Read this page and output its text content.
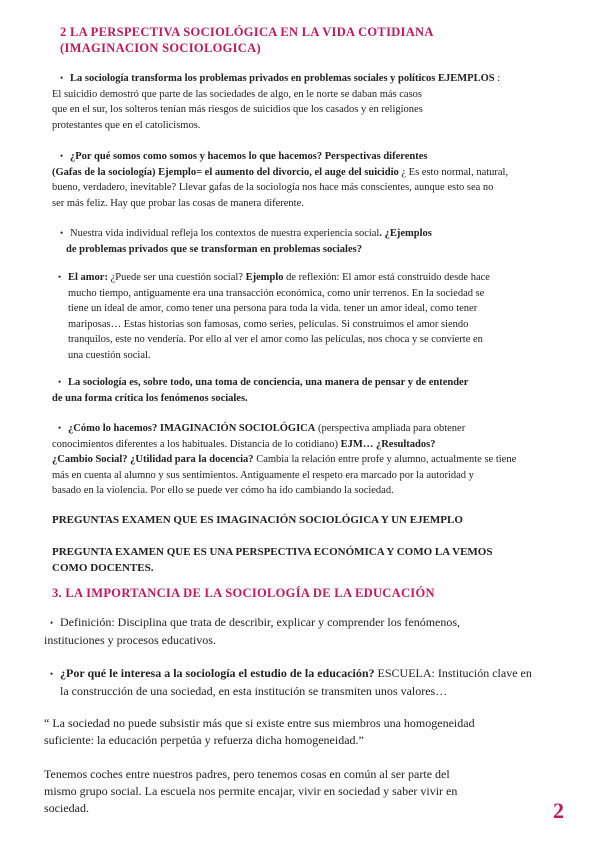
2 LA PERSPECTIVA SOCIOLÓGICA EN LA VIDA COTIDIANA
(IMAGINACION SOCIOLOGICA)
• La sociología transforma los problemas privados en problemas sociales y políticos EJEMPLOS :
El suicidio demostró que parte de las sociedades de algo, en le norte se daban más casos
que en el sur, los solteros tenían más riesgos de suicidios que los casados y en religiones
protestantes que en el catolicismos.
• ¿Por qué somos como somos y hacemos lo que hacemos? Perspectivas diferentes
(Gafas de la sociología) Ejemplo= el aumento del divorcio, el auge del suicidio ¿ Es esto normal, natural,
bueno, verdadero, inevitable? Llevar gafas de la sociología nos hace más conscientes, aunque esto sea no
ser más feliz. Hay que probar las cosas de manera diferente.
• Nuestra vida individual refleja los contextos de nuestra experiencia social. ¿Ejemplos
de problemas privados que se transforman en problemas sociales?
• El amor: ¿Puede ser una cuestión social? Ejemplo de reflexión: El amor está construido desde hace
mucho tiempo, antiguamente era una transacción económica, como unir terrenos. En la sociedad se
tiene un ideal de amor, como tener una persona para toda la vida. tener un amor ideal, como tener
mariposas… Estas historias son famosas, como series, películas. Si construimos el amor siendo
tranquilos, este no vendería. Por ello al ver el amor como las películas, nos choca y se convierte en
una cuestión social.
• La sociología es, sobre todo, una toma de conciencia, una manera de pensar y de entender
de una forma crítica los fenómenos sociales.
• ¿Cómo lo hacemos? IMAGINACIÓN SOCIOLÓGICA (perspectiva ampliada para obtener
conocimientos diferentes a los habituales. Distancia de lo cotidiano) EJM… ¿Resultados?
¿Cambio Social? ¿Utilidad para la docencia? Cambia la relación entre profe y alumno, actualmente se tiene
más en cuenta al alumno y sus sentimientos. Antiguamente el respeto era marcado por la autoridad y
basado en la violencia. Por ello se puede ver cómo ha ido cambiando la sociedad.
PREGUNTAS EXAMEN QUE ES IMAGINACIÓN SOCIOLÓGICA Y UN EJEMPLO
PREGUNTA EXAMEN QUE ES UNA PERSPECTIVA ECONÓMICA Y COMO LA VEMOS
COMO DOCENTES.
3. LA IMPORTANCIA DE LA SOCIOLOGÍA DE LA EDUCACIÓN
• Definición: Disciplina que trata de describir, explicar y comprender los fenómenos,
instituciones y procesos educativos.
• ¿Por qué le interesa a la sociología el estudio de la educación? ESCUELA: Institución clave en
la construcción de una sociedad, en esta institución se transmiten unos valores…
“ La sociedad no puede subsistir más que si existe entre sus miembros una homogeneidad
suficiente: la educación perpetúa y refuerza dicha homogeneidad.”
Tenemos coches entre nuestros padres, pero tenemos cosas en común al ser parte del
mismo grupo social. La escuela nos permite encajar, vivir en sociedad y saber vivir en
sociedad.	2
